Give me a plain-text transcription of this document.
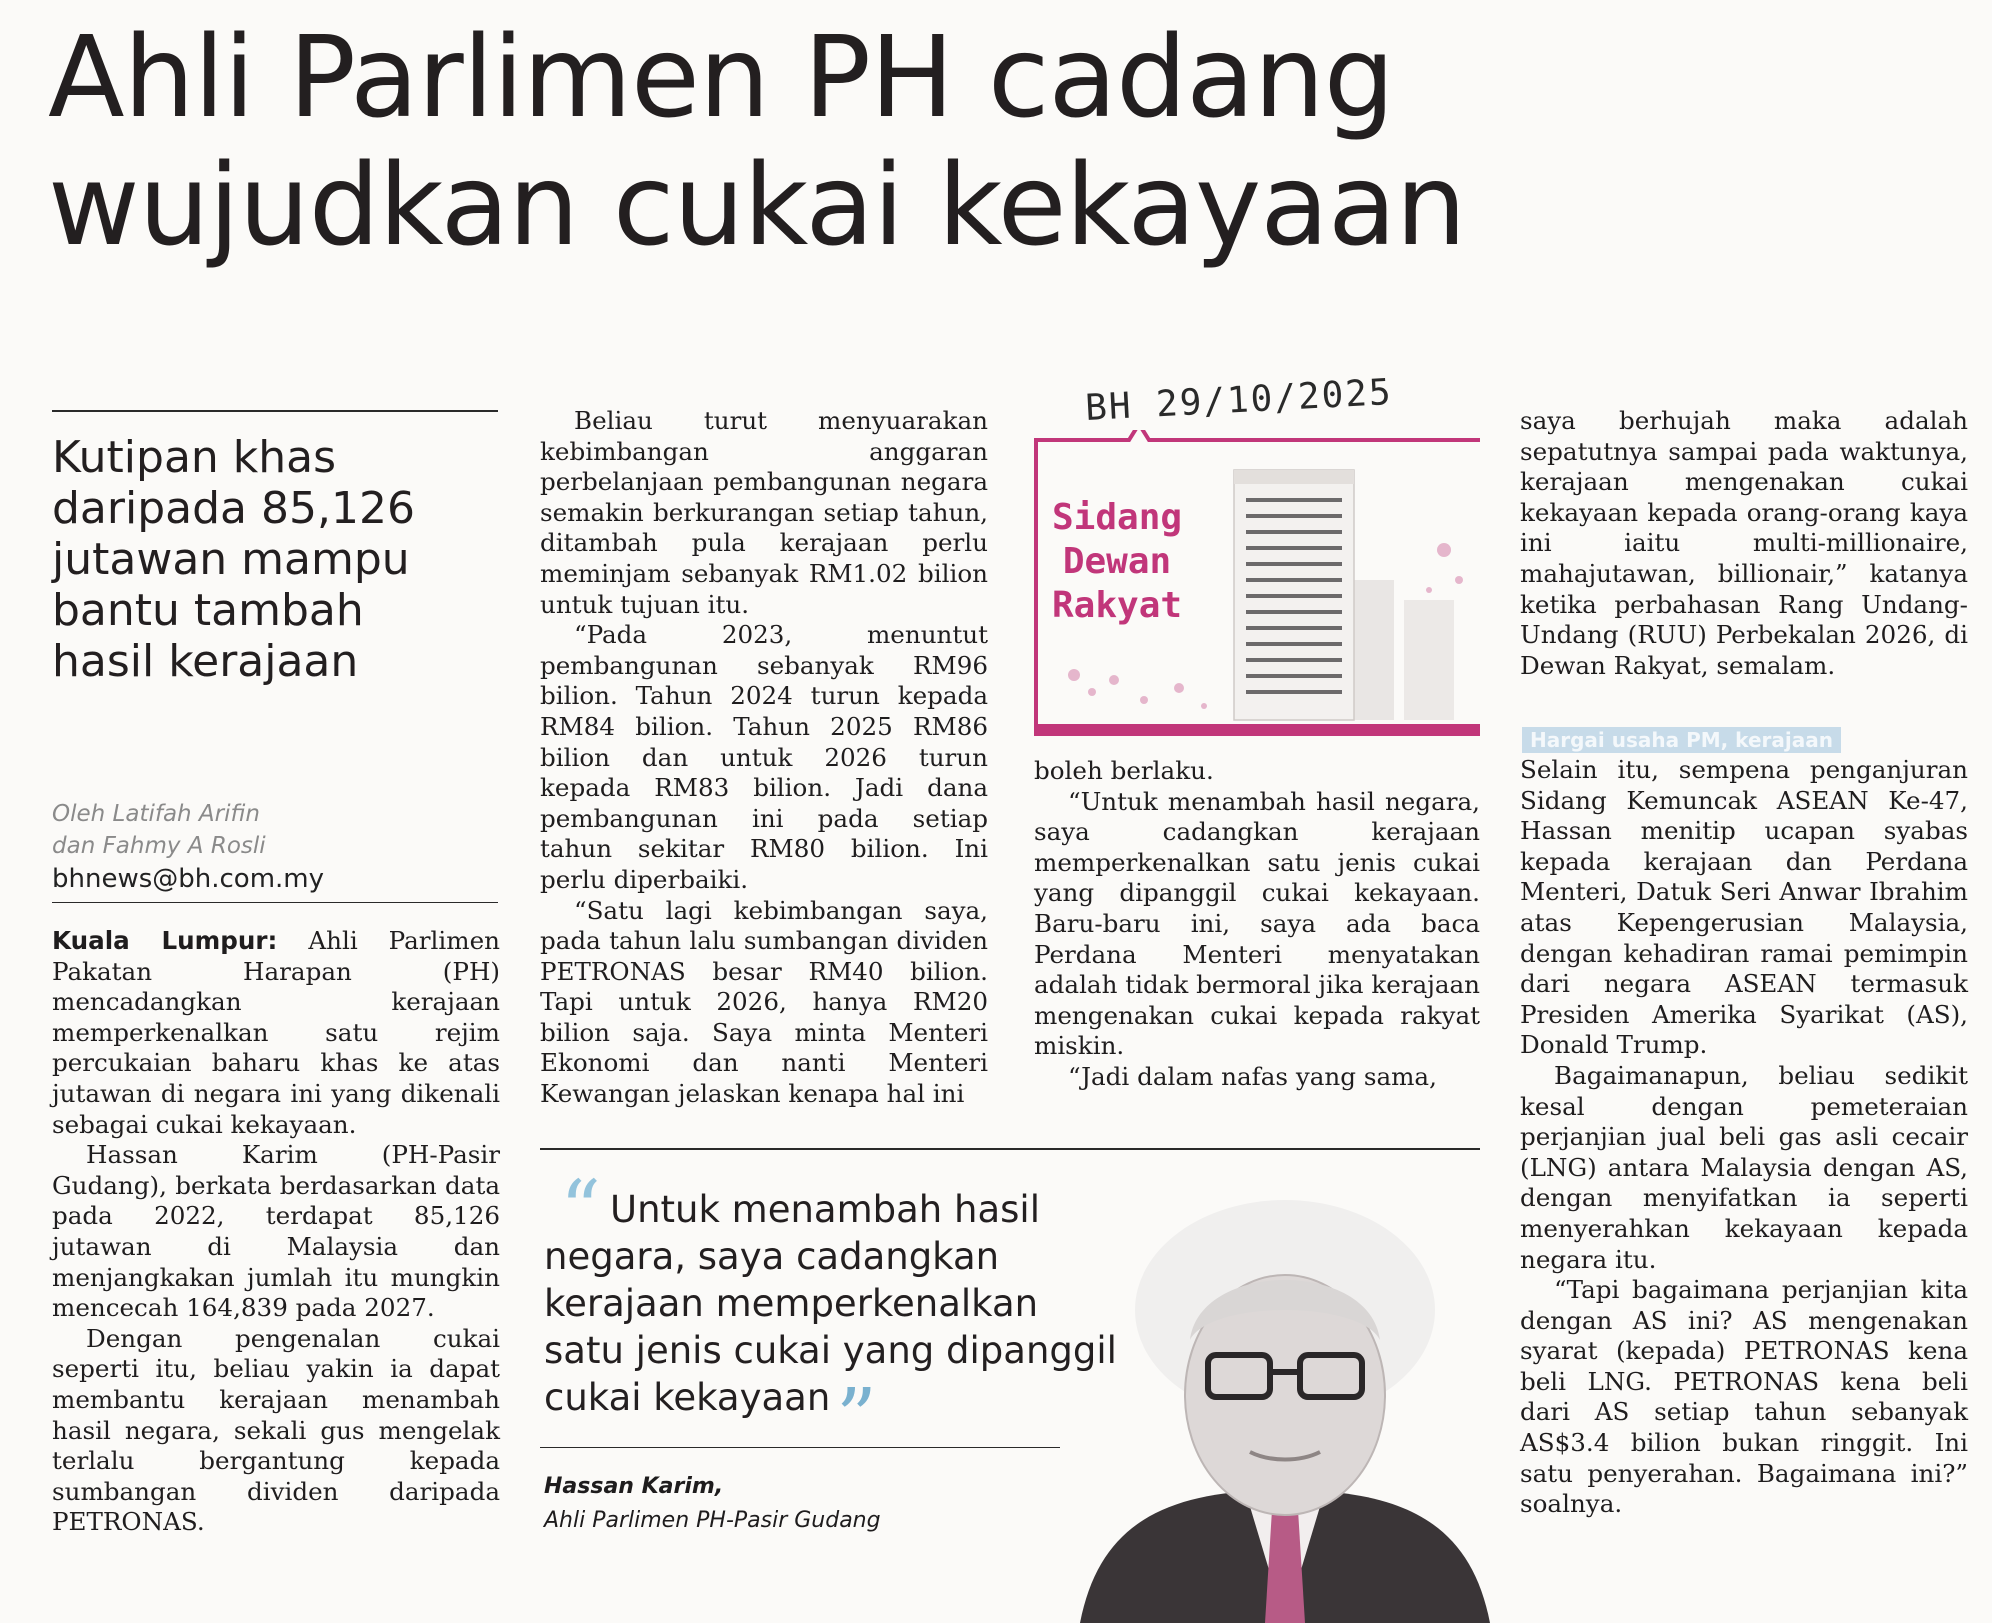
Ahli Parlimen PH cadang
wujudkan cukai kekayaan
Kutipan khas
daripada 85,126
jutawan mampu
bantu tambah
hasil kerajaan
Oleh Latifah Arifin
dan Fahmy A Rosli
bhnews@bh.com.my

Kuala Lumpur: Ahli Parlimen Pakatan Harapan (PH) mencadangkan kerajaan memperkenalkan satu rejim percukaian baharu khas ke atas jutawan di negara ini yang dikenali sebagai cukai kekayaan.

Hassan Karim (PH-Pasir Gudang), berkata berdasarkan data pada 2022, terdapat 85,126 jutawan di Malaysia dan menjangkakan jumlah itu mungkin mencecah 164,839 pada 2027.

Dengan pengenalan cukai seperti itu, beliau yakin ia dapat membantu kerajaan menambah hasil negara, sekali gus mengelak terlalu bergantung kepada sumbangan dividen daripada PETRONAS.

Beliau turut menyuarakan kebimbangan anggaran perbelanjaan pembangunan negara semakin berkurangan setiap tahun, ditambah pula kerajaan perlu meminjam sebanyak RM1.02 bilion untuk tujuan itu.

“Pada 2023, menuntut pembangunan sebanyak RM96 bilion. Tahun 2024 turun kepada RM84 bilion. Tahun 2025 RM86 bilion dan untuk 2026 turun kepada RM83 bilion. Jadi dana pembangunan ini pada setiap tahun sekitar RM80 bilion. Ini perlu diperbaiki.

“Satu lagi kebimbangan saya, pada tahun lalu sumbangan dividen PETRONAS besar RM40 bilion. Tapi untuk 2026, hanya RM20 bilion saja. Saya minta Menteri Ekonomi dan nanti Menteri Kewangan jelaskan kenapa hal ini

BH 29/10/2025
Sidang
Dewan
Rakyat

boleh berlaku.

“Untuk menambah hasil negara, saya cadangkan kerajaan memperkenalkan satu jenis cukai yang dipanggil cukai kekayaan. Baru-baru ini, saya ada baca Perdana Menteri menyatakan adalah tidak bermoral jika kerajaan mengenakan cukai kepada rakyat miskin.

“Jadi dalam nafas yang sama,

saya berhujah maka adalah sepatutnya sampai pada waktunya, kerajaan mengenakan cukai kekayaan kepada orang-orang kaya ini iaitu multi-millionaire, mahajutawan, billionair,” katanya ketika perbahasan Rang Undang-Undang (RUU) Perbekalan 2026, di Dewan Rakyat, semalam.

Hargai usaha PM, kerajaan

Selain itu, sempena penganjuran Sidang Kemuncak ASEAN Ke-47, Hassan menitip ucapan syabas kepada kerajaan dan Perdana Menteri, Datuk Seri Anwar Ibrahim atas Kepengerusian Malaysia, dengan kehadiran ramai pemimpin dari negara ASEAN termasuk Presiden Amerika Syarikat (AS), Donald Trump.

Bagaimanapun, beliau sedikit kesal dengan pemeteraian perjanjian jual beli gas asli cecair (LNG) antara Malaysia dengan AS, dengan menyifatkan ia seperti menyerahkan kekayaan kepada negara itu.

“Tapi bagaimana perjanjian kita dengan AS ini? AS mengenakan syarat (kepada) PETRONAS kena beli LNG. PETRONAS kena beli dari AS setiap tahun sebanyak AS$3.4 bilion bukan ringgit. Ini satu penyerahan. Bagaimana ini?” soalnya.

“ Untuk menambah hasil
negara, saya cadangkan
kerajaan memperkenalkan
satu jenis cukai yang dipanggil
cukai kekayaan ”
Hassan Karim,
Ahli Parlimen PH-Pasir Gudang
